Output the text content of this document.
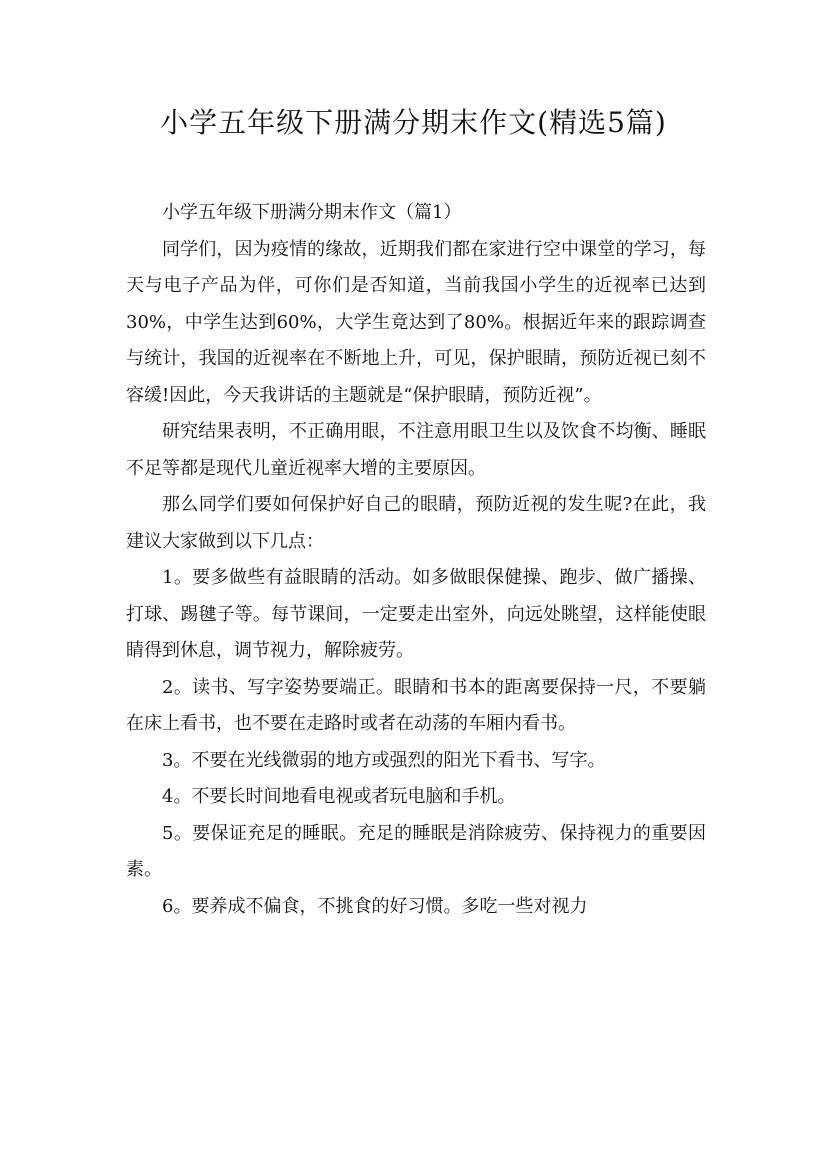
小学五年级下册满分期末作文(精选5篇)

小学五年级下册满分期末作文（篇1）

同学们，因为疫情的缘故，近期我们都在家进行空中课堂的学习，每天与电子产品为伴，可你们是否知道，当前我国小学生的近视率已达到30%，中学生达到60%，大学生竟达到了80%。根据近年来的跟踪调查与统计，我国的近视率在不断地上升，可见，保护眼睛，预防近视已刻不容缓!因此，今天我讲话的主题就是“保护眼睛，预防近视”。

研究结果表明，不正确用眼，不注意用眼卫生以及饮食不均衡、睡眠不足等都是现代儿童近视率大增的主要原因。

那么同学们要如何保护好自己的眼睛，预防近视的发生呢?在此，我建议大家做到以下几点：

1。要多做些有益眼睛的活动。如多做眼保健操、跑步、做广播操、打球、踢毽子等。每节课间，一定要走出室外，向远处眺望，这样能使眼睛得到休息，调节视力，解除疲劳。

2。读书、写字姿势要端正。眼睛和书本的距离要保持一尺，不要躺在床上看书，也不要在走路时或者在动荡的车厢内看书。

3。不要在光线微弱的地方或强烈的阳光下看书、写字。

4。不要长时间地看电视或者玩电脑和手机。

5。要保证充足的睡眠。充足的睡眠是消除疲劳、保持视力的重要因素。

6。要养成不偏食，不挑食的好习惯。多吃一些对视力
